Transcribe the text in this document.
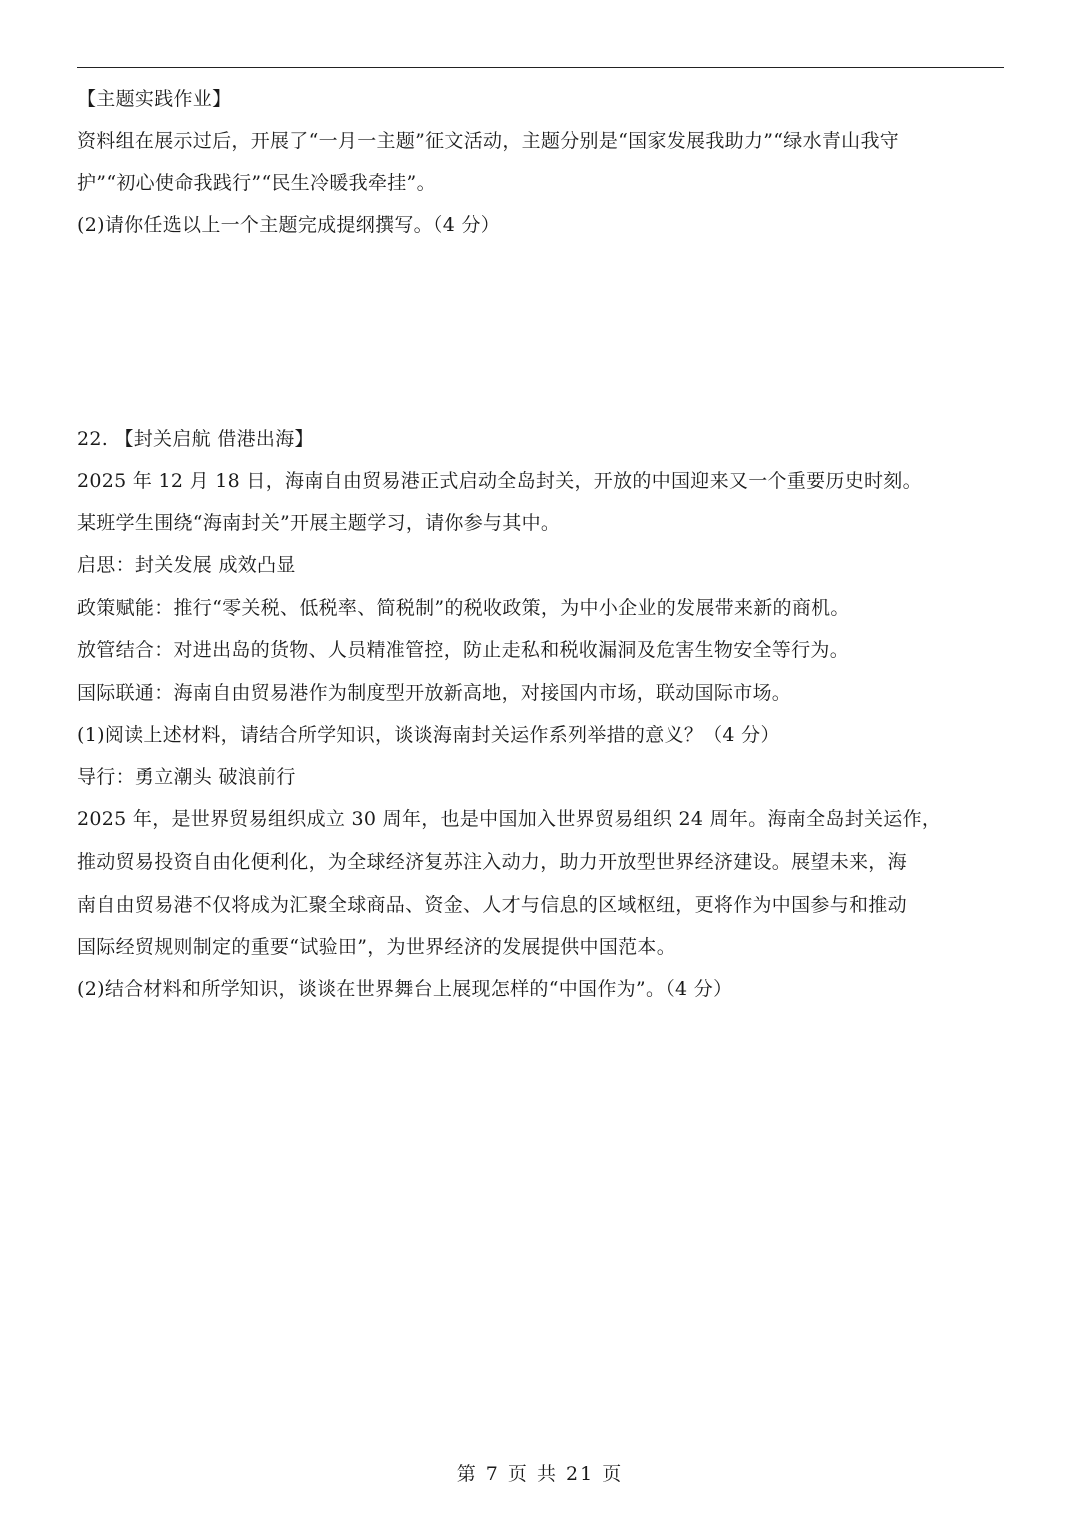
【主题实践作业】
资料组在展示过后，开展了“一月一主题”征文活动，主题分别是“国家发展我助力”“绿水青山我守
护”“初心使命我践行”“民生冷暖我牵挂”。
(2)请你任选以上一个主题完成提纲撰写。（4 分）
22. 【封关启航 借港出海】
2025 年 12 月 18 日，海南自由贸易港正式启动全岛封关，开放的中国迎来又一个重要历史时刻。
某班学生围绕“海南封关”开展主题学习，请你参与其中。
启思：封关发展 成效凸显
政策赋能：推行“零关税、低税率、简税制”的税收政策，为中小企业的发展带来新的商机。
放管结合：对进出岛的货物、人员精准管控，防止走私和税收漏洞及危害生物安全等行为。
国际联通：海南自由贸易港作为制度型开放新高地，对接国内市场，联动国际市场。
(1)阅读上述材料，请结合所学知识，谈谈海南封关运作系列举措的意义？（4 分）
导行：勇立潮头 破浪前行
2025 年，是世界贸易组织成立 30 周年，也是中国加入世界贸易组织 24 周年。海南全岛封关运作，
推动贸易投资自由化便利化，为全球经济复苏注入动力，助力开放型世界经济建设。展望未来，海
南自由贸易港不仅将成为汇聚全球商品、资金、人才与信息的区域枢纽，更将作为中国参与和推动
国际经贸规则制定的重要“试验田”，为世界经济的发展提供中国范本。
(2)结合材料和所学知识，谈谈在世界舞台上展现怎样的“中国作为”。（4 分）
第 7 页 共 21 页
